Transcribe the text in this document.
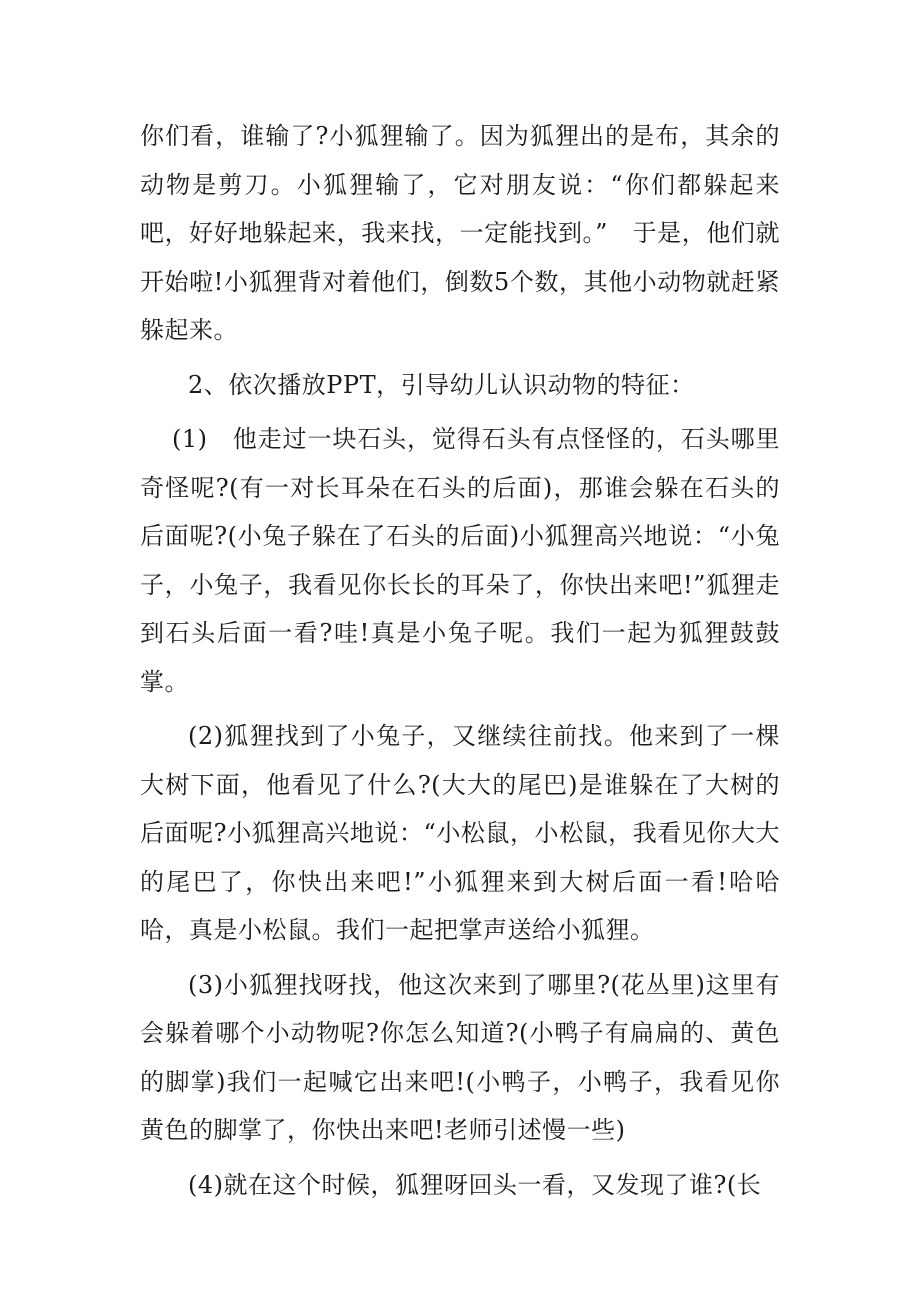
你们看，谁输了?小狐狸输了。因为狐狸出的是布，其余的动物是剪刀。小狐狸输了，它对朋友说：“你们都躲起来吧，好好地躲起来，我来找，一定能找到。”　于是，他们就开始啦!小狐狸背对着他们，倒数5个数，其他小动物就赶紧躲起来。

2、依次播放PPT，引导幼儿认识动物的特征：

(1)　他走过一块石头，觉得石头有点怪怪的，石头哪里奇怪呢?(有一对长耳朵在石头的后面)，那谁会躲在石头的后面呢?(小兔子躲在了石头的后面)小狐狸高兴地说：“小兔子，小兔子，我看见你长长的耳朵了，你快出来吧!”狐狸走到石头后面一看?哇!真是小兔子呢。我们一起为狐狸鼓鼓掌。

(2)狐狸找到了小兔子，又继续往前找。他来到了一棵大树下面，他看见了什么?(大大的尾巴)是谁躲在了大树的后面呢?小狐狸高兴地说：“小松鼠，小松鼠，我看见你大大的尾巴了，你快出来吧!”小狐狸来到大树后面一看!哈哈哈，真是小松鼠。我们一起把掌声送给小狐狸。

(3)小狐狸找呀找，他这次来到了哪里?(花丛里)这里有会躲着哪个小动物呢?你怎么知道?(小鸭子有扁扁的、黄色的脚掌)我们一起喊它出来吧!(小鸭子，小鸭子，我看见你黄色的脚掌了，你快出来吧!老师引述慢一些)

(4)就在这个时候，狐狸呀回头一看，又发现了谁?(长
